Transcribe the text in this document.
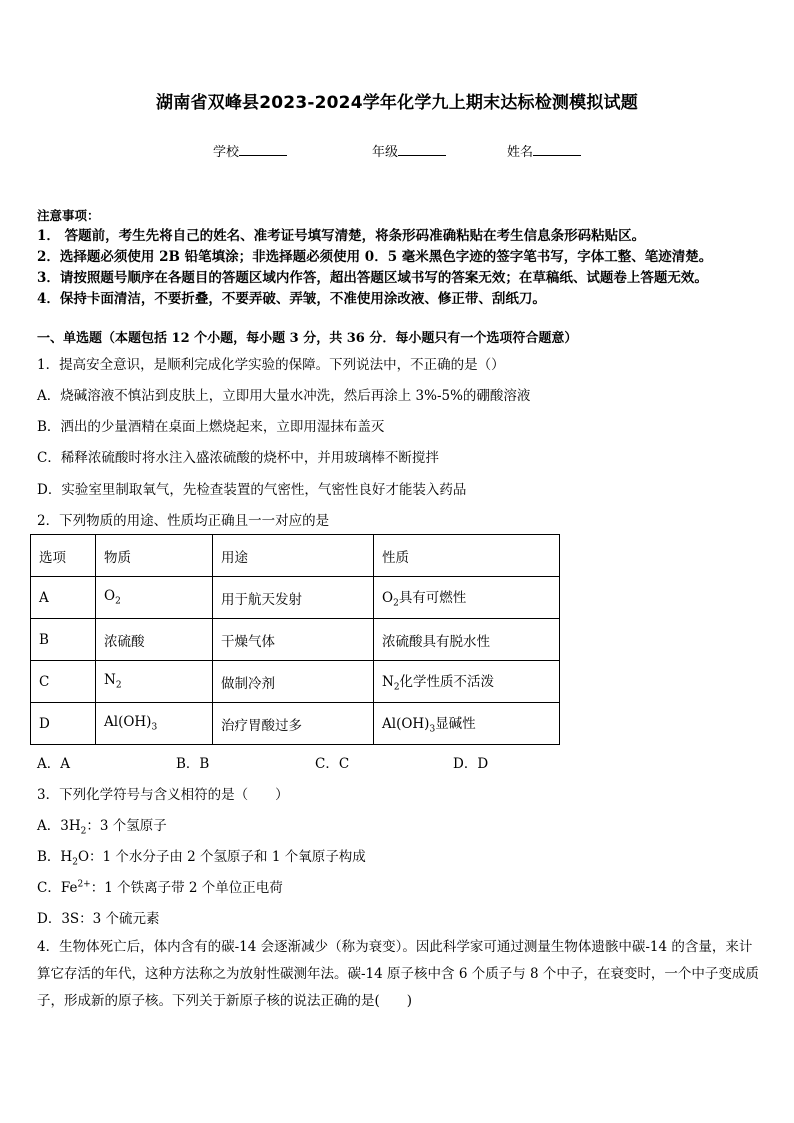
湖南省双峰县2023-2024学年化学九上期末达标检测模拟试题
学校	年级	姓名
注意事项：
1． 答题前，考生先将自己的姓名、准考证号填写清楚，将条形码准确粘贴在考生信息条形码粘贴区。
2．选择题必须使用 2B 铅笔填涂；非选择题必须使用 0．5 毫米黑色字迹的签字笔书写，字体工整、笔迹清楚。
3．请按照题号顺序在各题目的答题区域内作答，超出答题区域书写的答案无效；在草稿纸、试题卷上答题无效。
4．保持卡面清洁，不要折叠，不要弄破、弄皱，不准使用涂改液、修正带、刮纸刀。
一、单选题（本题包括 12 个小题，每小题 3 分，共 36 分．每小题只有一个选项符合题意）
1．提高安全意识，是顺利完成化学实验的保障。下列说法中，不正确的是（）
A．烧碱溶液不慎沾到皮肤上，立即用大量水冲洗，然后再涂上 3%-5%的硼酸溶液
B．洒出的少量酒精在桌面上燃烧起来，立即用湿抹布盖灭
C．稀释浓硫酸时将水注入盛浓硫酸的烧杯中，并用玻璃棒不断搅拌
D．实验室里制取氧气，先检查装置的气密性，气密性良好才能装入药品
2．下列物质的用途、性质均正确且一一对应的是
选项	物质	用途	性质
A	$O_2$	用于航天发射	$O_2$具有可燃性
B	浓硫酸	干燥气体	浓硫酸具有脱水性
C	$N_2$	做制冷剂	$N_2$化学性质不活泼
D	$Al(OH)_3$	治疗胃酸过多	$Al(OH)_3$显碱性
A．A	B．B	C．C	D．D
3．下列化学符号与含义相符的是（　　）
A．$3H_2$：3 个氢原子
B．$H_2O$：1 个水分子由 2 个氢原子和 1 个氧原子构成
C．$Fe^{2+}$：1 个铁离子带 2 个单位正电荷
D．3S：3 个硫元素
4．生物体死亡后，体内含有的碳-14 会逐渐减少（称为衰变）。因此科学家可通过测量生物体遗骸中碳-14 的含量，来计算它存活的年代，这种方法称之为放射性碳测年法。碳-14 原子核中含 6 个质子与 8 个中子，在衰变时，一个中子变成质子，形成新的原子核。下列关于新原子核的说法正确的是(　　)
